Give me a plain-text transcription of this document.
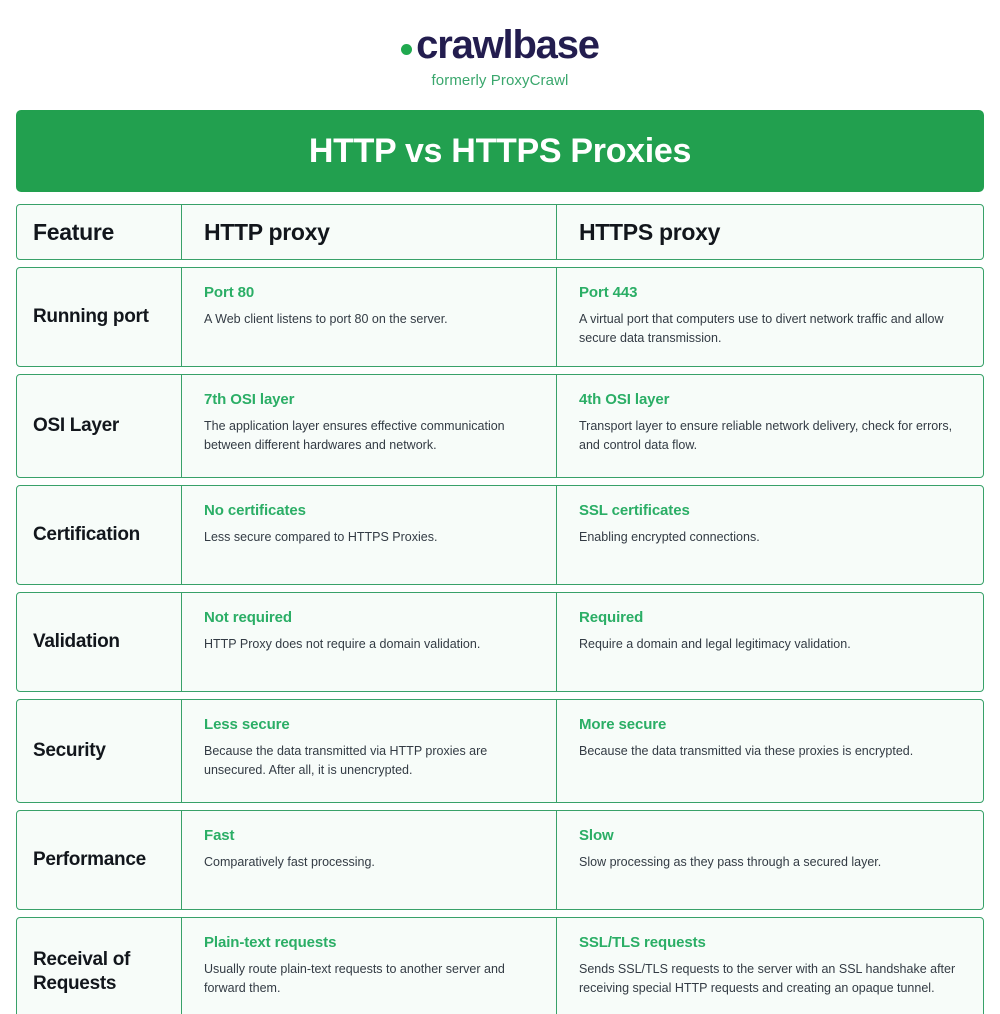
crawlbase
formerly ProxyCrawl
HTTP vs HTTPS Proxies
Feature	HTTP proxy	HTTPS proxy
Running port
Port 80
A Web client listens to port 80 on the server.
Port 443
A virtual port that computers use to divert network traffic and allow secure data transmission.
OSI Layer
7th OSI layer
The application layer ensures effective communication between different hardwares and network.
4th OSI layer
Transport layer to ensure reliable network delivery, check for errors, and control data flow.
Certification
No certificates
Less secure compared to HTTPS Proxies.
SSL certificates
Enabling encrypted connections.
Validation
Not required
HTTP Proxy does not require a domain validation.
Required
Require a domain and legal legitimacy validation.
Security
Less secure
Because the data transmitted via HTTP proxies are unsecured. After all, it is unencrypted.
More secure
Because the data transmitted via these proxies is encrypted.
Performance
Fast
Comparatively fast processing.
Slow
Slow processing as they pass through a secured layer.
Receival of Requests
Plain-text requests
Usually route plain-text requests to another server and forward them.
SSL/TLS requests
Sends SSL/TLS requests to the server with an SSL handshake after receiving special HTTP requests and creating an opaque tunnel.
